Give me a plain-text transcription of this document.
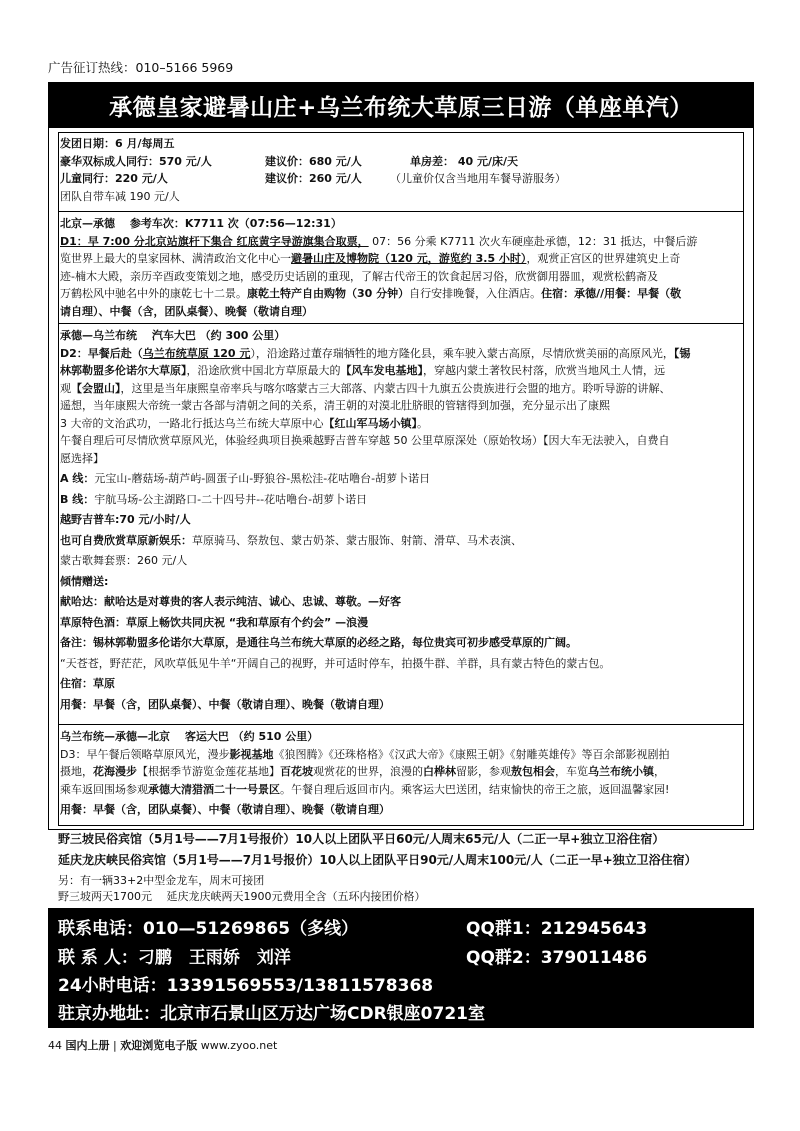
广告征订热线：010–5166 5969
承德皇家避暑山庄+乌兰布统大草原三日游（单座单汽）

发团日期：6 月/每周五

豪华双标成人同行：570 元/人	建议价：680 元/人	单房差： 40 元/床/天

儿童同行：220 元/人	建议价：260 元/人	（儿童价仅含当地用车餐导游服务）

团队自带车减 190 元/人

北京—承德　 参考车次：K7711 次（07:56—12:31）

D1：早 7:00 分北京站旗杆下集合 红底黄字导游旗集合取票， 07：56 分乘 K7711 次火车硬座赴承德，12：31 抵达，中餐后游
览世界上最大的皇家园林、满清政治文化中心一避暑山庄及博物院（120 元，游览约 3.5 小时），观赏正宫区的世界建筑史上奇
迹-楠木大殿，亲历辛酉政变策划之地，感受历史话剧的重现，了解古代帝王的饮食起居习俗，欣赏御用器皿，观赏松鹤斋及
万鹤松风中驰名中外的康乾七十二景。康乾土特产自由购物（30 分钟）自行安排晚餐，入住酒店。住宿：承德//用餐：早餐（敬
请自理）、中餐（含，团队桌餐）、晚餐（敬请自理）

承德—乌兰布统　 汽车大巴 （约 300 公里）

D2：早餐后赴（乌兰布统草原 120 元），沿途路过董存瑞牺牲的地方隆化县，乘车驶入蒙古高原，尽情欣赏美丽的高原风光，【锡
林郭勒盟多伦诺尔大草原】，沿途欣赏中国北方草原最大的【风车发电基地】，穿越内蒙土著牧民村落，欣赏当地风土人情，远
观【会盟山】，这里是当年康熙皇帝率兵与喀尔喀蒙古三大部落、内蒙古四十九旗五公贵族进行会盟的地方。聆听导游的讲解、
遥想，当年康熙大帝统一蒙古各部与清朝之间的关系，清王朝的对漠北肚脐眼的管辖得到加强，充分显示出了康熙
3 大帝的文治武功，一路北行抵达乌兰布统大草原中心【红山军马场小镇】。
午餐自理后可尽情欣赏草原风光，体验经典项目换乘越野吉普车穿越 50 公里草原深处（原始牧场）【因大车无法驶入，自费自
愿选择】

A 线：元宝山-蘑菇场-葫芦屿-圆蛋子山-野狼谷-黑松洼-花咕噜台-胡萝卜诺日

B 线：宇航马场-公主湖路口-二十四号井--花咕噜台-胡萝卜诺日

越野吉普车:70 元/小时/人

也可自费欣赏草原新娱乐：草原骑马、祭敖包、蒙古奶茶、蒙古服饰、射箭、滑草、马术表演、

蒙古歌舞套票：260 元/人

倾情赠送:

献哈达：献哈达是对尊贵的客人表示纯洁、诚心、忠诚、尊敬。—好客

草原特色酒：草原上畅饮共同庆祝 “我和草原有个约会” —浪漫

备注：锡林郭勒盟多伦诺尔大草原，是通往乌兰布统大草原的必经之路，每位贵宾可初步感受草原的广阔。

“天苍苍，野茫茫，风吹草低见牛羊“开阔自己的视野，并可适时停车，拍摄牛群、羊群，具有蒙古特色的蒙古包。

住宿：草原

用餐：早餐（含，团队桌餐）、中餐（敬请自理）、晚餐（敬请自理）

乌兰布统—承德—北京　 客运大巴 （约 510 公里）

D3：早午餐后领略草原风光，漫步影视基地《狼图腾》《还珠格格》《汉武大帝》《康熙王朝》《射雕英雄传》等百余部影视剧拍
摄地，花海漫步【根据季节游览金莲花基地】百花坡观赏花的世界，浪漫的白桦林留影，参观敖包相会，车览乌兰布统小镇，
乘车返回围场参观承德大清猎酒二十一号景区。午餐自理后返回市内。乘客运大巴送团，结束愉快的帝王之旅，返回温馨家园!

用餐：早餐（含，团队桌餐）、中餐（敬请自理）、晚餐（敬请自理）

野三坡民俗宾馆（5月1号——7月1号报价）10人以上团队平日60元/人周末65元/人（二正一早+独立卫浴住宿）

延庆龙庆峡民俗宾馆（5月1号——7月1号报价）10人以上团队平日90元/人周末100元/人（二正一早+独立卫浴住宿）

另：有一辆33+2中型金龙车，周末可接团

野三坡两天1700元　 延庆龙庆峡两天1900元费用全含（五环内接团价格）

联系电话：010—51269865（多线）	QQ群1：212945643
联 系 人：刁鹏　王雨娇　刘洋	QQ群2：379011486
24小时电话：13391569553/13811578368
驻京办地址：北京市石景山区万达广场CDR银座0721室
44 国内上册 | 欢迎浏览电子版 www.zyoo.net
